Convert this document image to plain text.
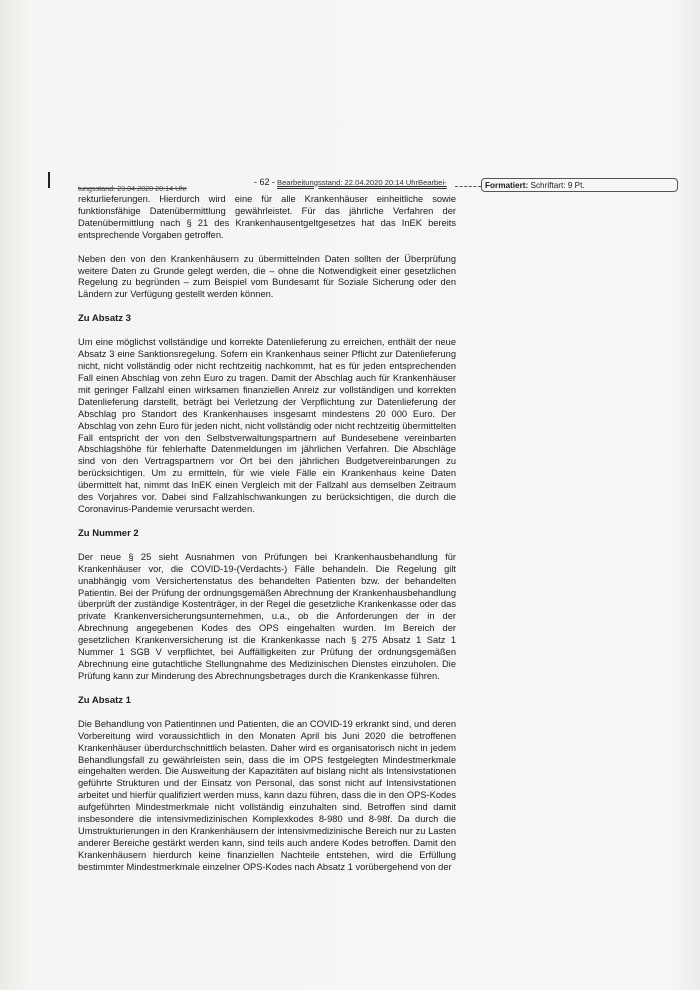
tungsstand: 23.04.2020 20:14 Uhr
- 62 - Bearbeitungsstand: 22.04.2020 20:14 UhrBearbei-	Formatiert: Schriftart: 9 Pt.

rekturlieferungen. Hierdurch wird eine für alle Krankenhäuser einheitliche sowie funktionsfähige Datenübermittlung gewährleistet. Für das jährliche Verfahren der Datenübermittlung nach § 21 des Krankenhausentgeltgesetzes hat das InEK bereits entsprechende Vorgaben getroffen.

Neben den von den Krankenhäusern zu übermittelnden Daten sollten der Überprüfung weitere Daten zu Grunde gelegt werden, die – ohne die Notwendigkeit einer gesetzlichen Regelung zu begründen – zum Beispiel vom Bundesamt für Soziale Sicherung oder den Ländern zur Verfügung gestellt werden können.

Zu Absatz 3

Um eine möglichst vollständige und korrekte Datenlieferung zu erreichen, enthält der neue Absatz 3 eine Sanktionsregelung. Sofern ein Krankenhaus seiner Pflicht zur Datenlieferung nicht, nicht vollständig oder nicht rechtzeitig nachkommt, hat es für jeden entsprechenden Fall einen Abschlag von zehn Euro zu tragen. Damit der Abschlag auch für Krankenhäuser mit geringer Fallzahl einen wirksamen finanziellen Anreiz zur vollständigen und korrekten Datenlieferung darstellt, beträgt bei Verletzung der Verpflichtung zur Datenlieferung der Abschlag pro Standort des Krankenhauses insgesamt mindestens 20 000 Euro. Der Abschlag von zehn Euro für jeden nicht, nicht vollständig oder nicht rechtzeitig übermittelten Fall entspricht der von den Selbstverwaltungspartnern auf Bundesebene vereinbarten Abschlagshöhe für fehlerhafte Datenmeldungen im jährlichen Verfahren. Die Abschläge sind von den Vertragspartnern vor Ort bei den jährlichen Budgetvereinbarungen zu berücksichtigen. Um zu ermitteln, für wie viele Fälle ein Krankenhaus keine Daten übermittelt hat, nimmt das InEK einen Vergleich mit der Fallzahl aus demselben Zeitraum des Vorjahres vor. Dabei sind Fallzahlschwankungen zu berücksichtigen, die durch die Coronavirus-Pandemie verursacht werden.

Zu Nummer 2

Der neue § 25 sieht Ausnahmen von Prüfungen bei Krankenhausbehandlung für Krankenhäuser vor, die COVID-19-(Verdachts-) Fälle behandeln. Die Regelung gilt unabhängig vom Versichertenstatus des behandelten Patienten bzw. der behandelten Patientin. Bei der Prüfung der ordnungsgemäßen Abrechnung der Krankenhausbehandlung überprüft der zuständige Kostenträger, in der Regel die gesetzliche Krankenkasse oder das private Krankenversicherungsunternehmen, u.a., ob die Anforderungen der in der Abrechnung angegebenen Kodes des OPS eingehalten wurden. Im Bereich der gesetzlichen Krankenversicherung ist die Krankenkasse nach § 275 Absatz 1 Satz 1 Nummer 1 SGB V verpflichtet, bei Auffälligkeiten zur Prüfung der ordnungsgemäßen Abrechnung eine gutachtliche Stellungnahme des Medizinischen Dienstes einzuholen. Die Prüfung kann zur Minderung des Abrechnungsbetrages durch die Krankenkasse führen.

Zu Absatz 1

Die Behandlung von Patientinnen und Patienten, die an COVID-19 erkrankt sind, und deren Vorbereitung wird voraussichtlich in den Monaten April bis Juni 2020 die betroffenen Krankenhäuser überdurchschnittlich belasten. Daher wird es organisatorisch nicht in jedem Behandlungsfall zu gewährleisten sein, dass die im OPS festgelegten Mindestmerkmale eingehalten werden. Die Ausweitung der Kapazitäten auf bislang nicht als Intensivstationen geführte Strukturen und der Einsatz von Personal, das sonst nicht auf Intensivstationen arbeitet und hierfür qualifiziert werden muss, kann dazu führen, dass die in den OPS-Kodes aufgeführten Mindestmerkmale nicht vollständig einzuhalten sind. Betroffen sind damit insbesondere die intensivmedizinischen Komplexkodes 8-980 und 8-98f. Da durch die Umstrukturierungen in den Krankenhäusern der intensivmedizinische Bereich nur zu Lasten anderer Bereiche gestärkt werden kann, sind teils auch andere Kodes betroffen. Damit den Krankenhäusern hierdurch keine finanziellen Nachteile entstehen, wird die Erfüllung bestimmter Mindestmerkmale einzelner OPS-Kodes nach Absatz 1 vorübergehend von der
